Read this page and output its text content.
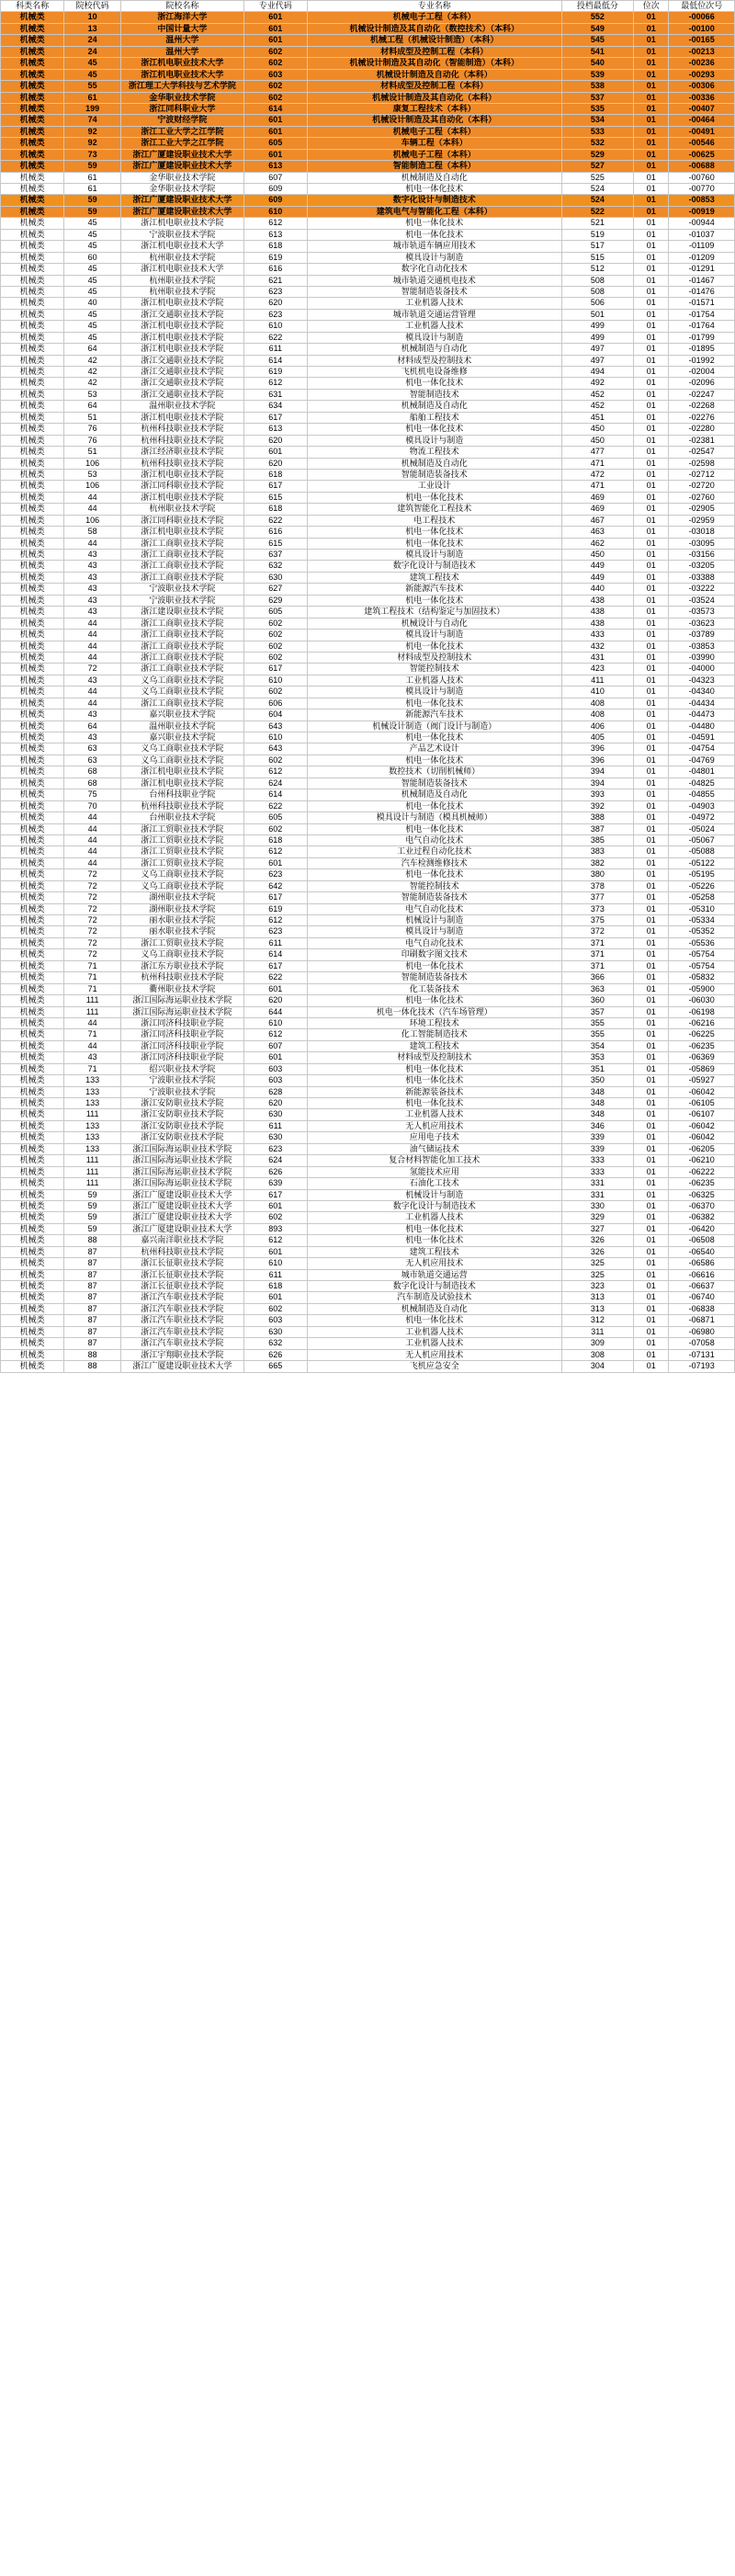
科类名称	院校代码	院校名称	专业代码	专业名称	投档最低分	位次	最低位次号
机械类	10	浙江海洋大学	601	机械电子工程（本科）	552	01	-00066
机械类	13	中国计量大学	601	机械设计制造及其自动化（数控技术）（本科）	549	01	-00100
机械类	24	温州大学	601	机械工程（机械设计制造）（本科）	545	01	-00165
机械类	24	温州大学	602	材料成型及控制工程（本科）	541	01	-00213
机械类	45	浙江机电职业技术大学	602	机械设计制造及其自动化（智能制造）（本科）	540	01	-00236
机械类	45	浙江机电职业技术大学	603	机械设计制造及自动化（本科）	539	01	-00293
机械类	55	浙江理工大学科技与艺术学院	602	材料成型及控制工程（本科）	538	01	-00306
机械类	61	金华职业技术学院	602	机械设计制造及其自动化（本科）	537	01	-00336
机械类	199	浙江同科职业大学	614	康复工程技术（本科）	535	01	-00407
机械类	74	宁波财经学院	601	机械设计制造及其自动化（本科）	534	01	-00464
机械类	92	浙江工业大学之江学院	601	机械电子工程（本科）	533	01	-00491
机械类	92	浙江工业大学之江学院	605	车辆工程（本科）	532	01	-00546
机械类	73	浙江广厦建设职业技术大学	601	机械电子工程（本科）	529	01	-00625
机械类	59	浙江广厦建设职业技术大学	613	智能制造工程（本科）	527	01	-00688
机械类	61	金华职业技术学院	607	机械制造及自动化	525	01	-00760
机械类	61	金华职业技术学院	609	机电一体化技术	524	01	-00770
机械类	59	浙江广厦建设职业技术大学	609	数字化设计与制造技术	524	01	-00853
机械类	59	浙江广厦建设职业技术大学	610	建筑电气与智能化工程（本科）	522	01	-00919
机械类	45	浙江机电职业技术学院	612	机电一体化技术	521	01	-00944
机械类	45	宁波职业技术学院	613	机电一体化技术	519	01	-01037
机械类	45	浙江机电职业技术大学	618	城市轨道车辆应用技术	517	01	-01109
机械类	60	杭州职业技术学院	619	模具设计与制造	515	01	-01209
机械类	45	浙江机电职业技术大学	616	数字化自动化技术	512	01	-01291
机械类	45	杭州职业技术学院	621	城市轨道交通机电技术	508	01	-01467
机械类	45	杭州职业技术学院	623	智能制造装备技术	508	01	-01476
机械类	40	浙江机电职业技术学院	620	工业机器人技术	506	01	-01571
机械类	45	浙江交通职业技术学院	623	城市轨道交通运营管理	501	01	-01754
机械类	45	浙江机电职业技术学院	610	工业机器人技术	499	01	-01764
机械类	45	浙江机电职业技术学院	622	模具设计与制造	499	01	-01799
机械类	64	浙江机电职业技术学院	611	机械制造与自动化	497	01	-01895
机械类	42	浙江交通职业技术学院	614	材料成型及控制技术	497	01	-01992
机械类	42	浙江交通职业技术学院	619	飞机机电设备维修	494	01	-02004
机械类	42	浙江交通职业技术学院	612	机电一体化技术	492	01	-02096
机械类	53	浙江交通职业技术学院	631	智能制造技术	452	01	-02247
机械类	64	温州职业技术学院	634	机械制造及自动化	452	01	-02268
机械类	51	浙江机电职业技术学院	617	船舶工程技术	451	01	-02276
机械类	76	杭州科技职业技术学院	613	机电一体化技术	450	01	-02280
机械类	76	杭州科技职业技术学院	620	模具设计与制造	450	01	-02381
机械类	51	浙江经济职业技术学院	601	物流工程技术	477	01	-02547
机械类	106	杭州科技职业技术学院	620	机械制造及自动化	471	01	-02598
机械类	53	浙江机电职业技术学院	618	智能制造装备技术	472	01	-02712
机械类	106	浙江同科职业技术学院	617	工业设计	471	01	-02720
机械类	44	浙江机电职业技术学院	615	机电一体化技术	469	01	-02760
机械类	44	杭州职业技术学院	618	建筑智能化工程技术	469	01	-02905
机械类	106	浙江同科职业技术学院	622	电工程技术	467	01	-02959
机械类	58	浙江机电职业技术学院	616	机电一体化技术	463	01	-03018
机械类	44	浙江工商职业技术学院	615	机电一体化技术	462	01	-03095
机械类	43	浙江工商职业技术学院	637	模具设计与制造	450	01	-03156
机械类	43	浙江工商职业技术学院	632	数字化设计与制造技术	449	01	-03205
机械类	43	浙江工商职业技术学院	630	建筑工程技术	449	01	-03388
机械类	43	宁波职业技术学院	627	新能源汽车技术	440	01	-03222
机械类	43	宁波职业技术学院	629	机电一体化技术	438	01	-03524
机械类	43	浙江建设职业技术学院	605	建筑工程技术（结构鉴定与加固技术）	438	01	-03573
机械类	44	浙江工商职业技术学院	602	机械设计与自动化	438	01	-03623
机械类	44	浙江工商职业技术学院	602	模具设计与制造	433	01	-03789
机械类	44	浙江工商职业技术学院	602	机电一体化技术	432	01	-03853
机械类	44	浙江工商职业技术学院	602	材料成型及控制技术	431	01	-03990
机械类	72	浙江工商职业技术学院	617	智能控制技术	423	01	-04000
机械类	43	义乌工商职业技术学院	610	工业机器人技术	411	01	-04323
机械类	44	义乌工商职业技术学院	602	模具设计与制造	410	01	-04340
机械类	44	浙江工商职业技术学院	606	机电一体化技术	408	01	-04434
机械类	43	嘉兴职业技术学院	604	新能源汽车技术	408	01	-04473
机械类	64	温州职业技术学院	643	机械设计制造（阀门设计与制造）	406	01	-04480
机械类	43	嘉兴职业技术学院	610	机电一体化技术	405	01	-04591
机械类	63	义乌工商职业技术学院	643	产品艺术设计	396	01	-04754
机械类	63	义乌工商职业技术学院	602	机电一体化技术	396	01	-04769
机械类	68	浙江机电职业技术学院	612	数控技术（切削机械师）	394	01	-04801
机械类	68	浙江机电职业技术学院	624	智能制造装备技术	394	01	-04825
机械类	75	台州科技职业学院	614	机械制造及自动化	393	01	-04855
机械类	70	杭州科技职业技术学院	622	机电一体化技术	392	01	-04903
机械类	44	台州职业技术学院	605	模具设计与制造（模具机械师）	388	01	-04972
机械类	44	浙江工贸职业技术学院	602	机电一体化技术	387	01	-05024
机械类	44	浙江工贸职业技术学院	618	电气自动化技术	385	01	-05067
机械类	44	浙江工贸职业技术学院	612	工业过程自动化技术	383	01	-05088
机械类	44	浙江工贸职业技术学院	601	汽车检测维修技术	382	01	-05122
机械类	72	义乌工商职业技术学院	623	机电一体化技术	380	01	-05195
机械类	72	义乌工商职业技术学院	642	智能控制技术	378	01	-05226
机械类	72	湖州职业技术学院	617	智能制造装备技术	377	01	-05258
机械类	72	湖州职业技术学院	619	电气自动化技术	373	01	-05310
机械类	72	丽水职业技术学院	612	机械设计与制造	375	01	-05334
机械类	72	丽水职业技术学院	623	模具设计与制造	372	01	-05352
机械类	72	浙江工贸职业技术学院	611	电气自动化技术	371	01	-05536
机械类	72	义乌工商职业技术学院	614	印刷数字图文技术	371	01	-05754
机械类	71	浙江东方职业技术学院	617	机电一体化技术	371	01	-05754
机械类	71	杭州科技职业技术学院	622	智能制造装备技术	366	01	-05832
机械类	71	衢州职业技术学院	601	化工装备技术	363	01	-05900
机械类	111	浙江国际海运职业技术学院	620	机电一体化技术	360	01	-06030
机械类	111	浙江国际海运职业技术学院	644	机电一体化技术（汽车场管理）	357	01	-06198
机械类	44	浙江同济科技职业学院	610	环境工程技术	355	01	-06216
机械类	71	浙江同济科技职业学院	612	化工智能制造技术	355	01	-06225
机械类	44	浙江同济科技职业学院	607	建筑工程技术	354	01	-06235
机械类	43	浙江同济科技职业学院	601	材料成型及控制技术	353	01	-06369
机械类	71	绍兴职业技术学院	603	机电一体化技术	351	01	-05869
机械类	133	宁波职业技术学院	603	机电一体化技术	350	01	-05927
机械类	133	宁波职业技术学院	628	新能源装备技术	348	01	-06042
机械类	133	浙江安防职业技术学院	620	机电一体化技术	348	01	-06105
机械类	111	浙江安防职业技术学院	630	工业机器人技术	348	01	-06107
机械类	133	浙江安防职业技术学院	611	无人机应用技术	346	01	-06042
机械类	133	浙江安防职业技术学院	630	应用电子技术	339	01	-06042
机械类	133	浙江国际海运职业技术学院	623	油气储运技术	339	01	-06205
机械类	111	浙江国际海运职业技术学院	624	复合材料智能化加工技术	333	01	-06210
机械类	111	浙江国际海运职业技术学院	626	氢能技术应用	333	01	-06222
机械类	111	浙江国际海运职业技术学院	639	石油化工技术	331	01	-06235
机械类	59	浙江广厦建设职业技术大学	617	机械设计与制造	331	01	-06325
机械类	59	浙江广厦建设职业技术大学	601	数字化设计与制造技术	330	01	-06370
机械类	59	浙江广厦建设职业技术大学	602	工业机器人技术	329	01	-06382
机械类	59	浙江广厦建设职业技术大学	893	机电一体化技术	327	01	-06420
机械类	88	嘉兴南洋职业技术学院	612	机电一体化技术	326	01	-06508
机械类	87	杭州科技职业技术学院	601	建筑工程技术	326	01	-06540
机械类	87	浙江长征职业技术学院	610	无人机应用技术	325	01	-06586
机械类	87	浙江长征职业技术学院	611	城市轨道交通运营	325	01	-06616
机械类	87	浙江长征职业技术学院	618	数字化设计与制造技术	323	01	-06637
机械类	87	浙江汽车职业技术学院	601	汽车制造及试验技术	313	01	-06740
机械类	87	浙江汽车职业技术学院	602	机械制造及自动化	313	01	-06838
机械类	87	浙江汽车职业技术学院	603	机电一体化技术	312	01	-06871
机械类	87	浙江汽车职业技术学院	630	工业机器人技术	311	01	-06980
机械类	87	浙江汽车职业技术学院	632	工业机器人技术	309	01	-07058
机械类	88	浙江宇翔职业技术学院	626	无人机应用技术	308	01	-07131
机械类	88	浙江广厦建设职业技术大学	665	飞机应急安全	304	01	-07193
